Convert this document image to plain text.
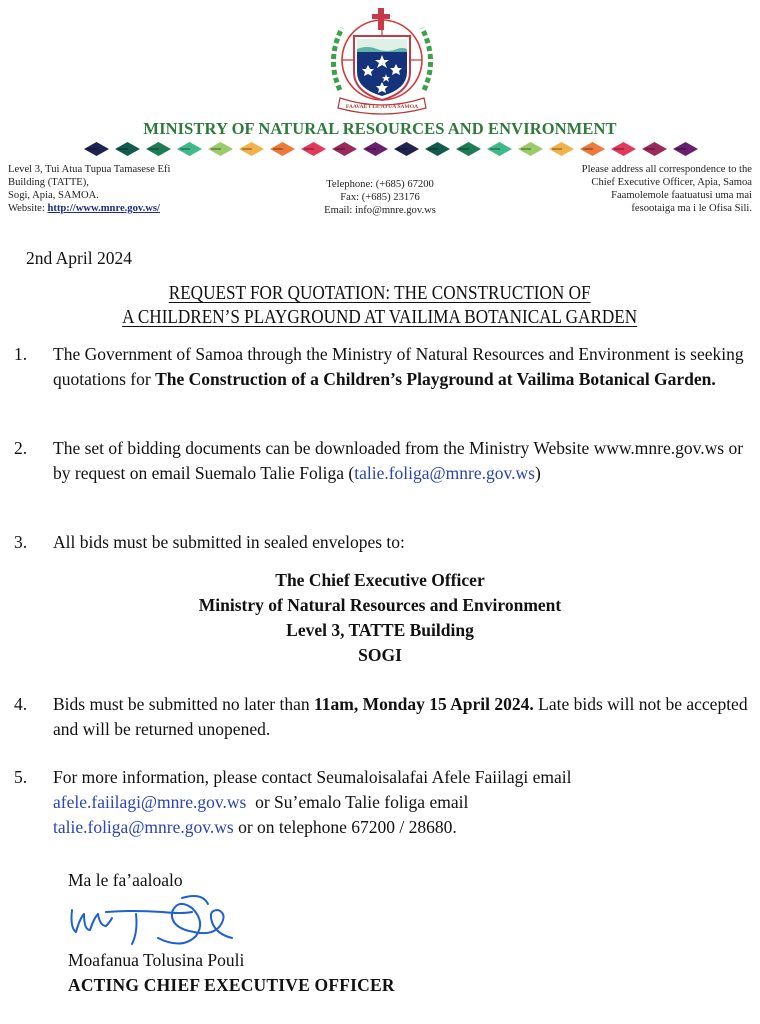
FAAVAE I LE ATUA SAMOA
MINISTRY OF NATURAL RESOURCES AND ENVIRONMENT
Level 3, Tui Atua Tupua Tamasese Efi
Building (TATTE),
Sogi, Apia, SAMOA.
Website: http://www.mnre.gov.ws/
Telephone: (+685) 67200
Fax: (+685) 23176
Email: info@mnre.gov.ws
Please address all correspondence to the
Chief Executive Officer, Apia, Samoa
Faamolemole faatuatusi uma mai
fesootaiga ma i le Ofisa Sili.
2nd April 2024
REQUEST FOR QUOTATION: THE CONSTRUCTION OF
A CHILDREN’S PLAYGROUND AT VAILIMA BOTANICAL GARDEN
1.	The Government of Samoa through the Ministry of Natural Resources and Environment is seeking quotations for The Construction of a Children’s Playground at Vailima Botanical Garden.
2.	The set of bidding documents can be downloaded from the Ministry Website www.mnre.gov.ws or by request on email Suemalo Talie Foliga (talie.foliga@mnre.gov.ws)
3.	All bids must be submitted in sealed envelopes to:
The Chief Executive Officer
Ministry of Natural Resources and Environment
Level 3, TATTE Building
SOGI
4.	Bids must be submitted no later than 11am, Monday 15 April 2024. Late bids will not be accepted and will be returned unopened.
5.	For more information, please contact Seumaloisalafai Afele Faiilagi email afele.faiilagi@mnre.gov.ws  or Su’emalo Talie foliga email
talie.foliga@mnre.gov.ws or on telephone 67200 / 28680.
Ma le fa’aaloalo
Moafanua Tolusina Pouli
ACTING CHIEF EXECUTIVE OFFICER
